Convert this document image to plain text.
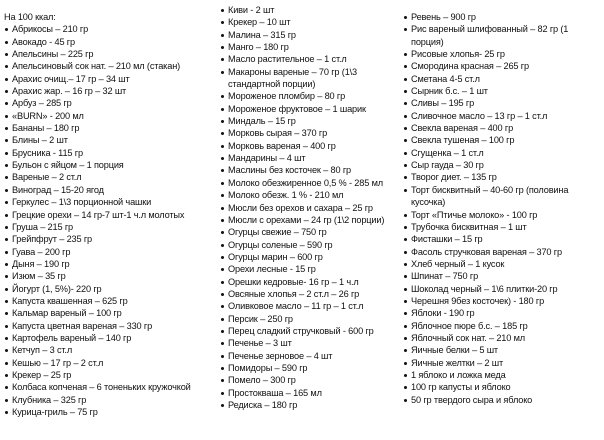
На 100 ккал:
Абрикосы – 210 гр
Авокадо - 45 гр
Апельсины – 225 гр
Апельсиновый сок нат. – 210 мл (стакан)
Арахис очищ.– 17 гр – 34 шт
Арахис жар. – 16 гр – 32 шт
Арбуз – 285 гр
«BURN» - 200 мл
Бананы – 180 гр
Блины – 2 шт
Брусника - 115 гр
Бульон с яйцом – 1 порция
Вареные – 2 ст.л
Виноград – 15-20 ягод
Геркулес – 1\3 порционной чашки
Грецкие орехи – 14 гр-7 шт-1 ч.л молотых
Груша – 215 гр
Грейпфрут – 235 гр
Гуава – 200 гр
Дыня – 190 гр
Изюм – 35 гр
Йогурт (1, 5%)- 220 гр
Капуста квашенная – 625 гр
Кальмар вареный – 100 гр
Капуста цветная вареная – 330 гр
Картофель вареный – 140 гр
Кетчуп – 3 ст.л
Кешью – 17 гр – 2 ст.л
Крекер – 25 гр
Колбаса копченая – 6 тоненьких кружочкой
Клубника – 325 гр
Курица-гриль – 75 гр
Киви - 2 шт
Крекер – 10 шт
Малина – 315 гр
Манго – 180 гр
Масло растительное – 1 ст.л
Макароны вареные – 70 гр (1\3 стандартной порции)
Мороженое пломбир – 80 гр
Мороженое фруктовое – 1 шарик
Миндаль – 15 гр
Морковь сырая – 370 гр
Морковь вареная – 400 гр
Мандарины – 4 шт
Маслины без косточек – 80 гр
Молоко обезжиренное 0,5 % - 285 мл
Молоко обезж. 1 % - 210 мл
Мюсли без орехов и сахара – 25 гр
Мюсли с орехами – 24 гр (1\2 порции)
Огурцы свежие – 750 гр
Огурцы соленые – 590 гр
Огурцы марин – 600 гр
Орехи лесные - 15 гр
Орешки кедровые- 16 гр – 1 ч.л
Овсяные хлопья – 2 ст.л – 26 гр
Оливковое масло – 11 гр – 1 ст.л
Персик – 250 гр
Перец сладкий стручковый - 600 гр
Печенье – 3 шт
Печенье зерновое – 4 шт
Помидоры – 590 гр
Помело – 300 гр
Простокваша – 165 мл
Редиска – 180 гр
Ревень – 900 гр
Рис вареный шлифованный – 82 гр (1 порция)
Рисовые хлопья- 25 гр
Смородина красная – 265 гр
Сметана 4-5 ст.л
Сырник б.с. – 1 шт
Сливы – 195 гр
Сливочное масло – 13 гр – 1 ст.л
Свекла вареная – 400 гр
Свекла тушеная – 100 гр
Сгущенка – 1 ст.л
Сыр гауда – 30 гр
Творог диет. – 135 гр
Торт бисквитный – 40-60 гр (половина кусочка)
Торт «Птичье молоко» - 100 гр
Трубочка бисквитная – 1 шт
Фисташки – 15 гр
Фасоль стручковая вареная – 370 гр
Хлеб черный – 1 кусок
Шпинат – 750 гр
Шоколад черный – 1\6 плитки-20 гр
Черешня 9без косточек) - 180 гр
Яблоки - 190 гр
Яблочное пюре б.с. – 185 гр
Яблочный сок нат. – 210 мл
Яичные белки – 5 шт
Яичные желтки – 2 шт
1 яблоко и ложка меда
100 гр капусты и яблоко
50 гр твердого сыра и яблоко
